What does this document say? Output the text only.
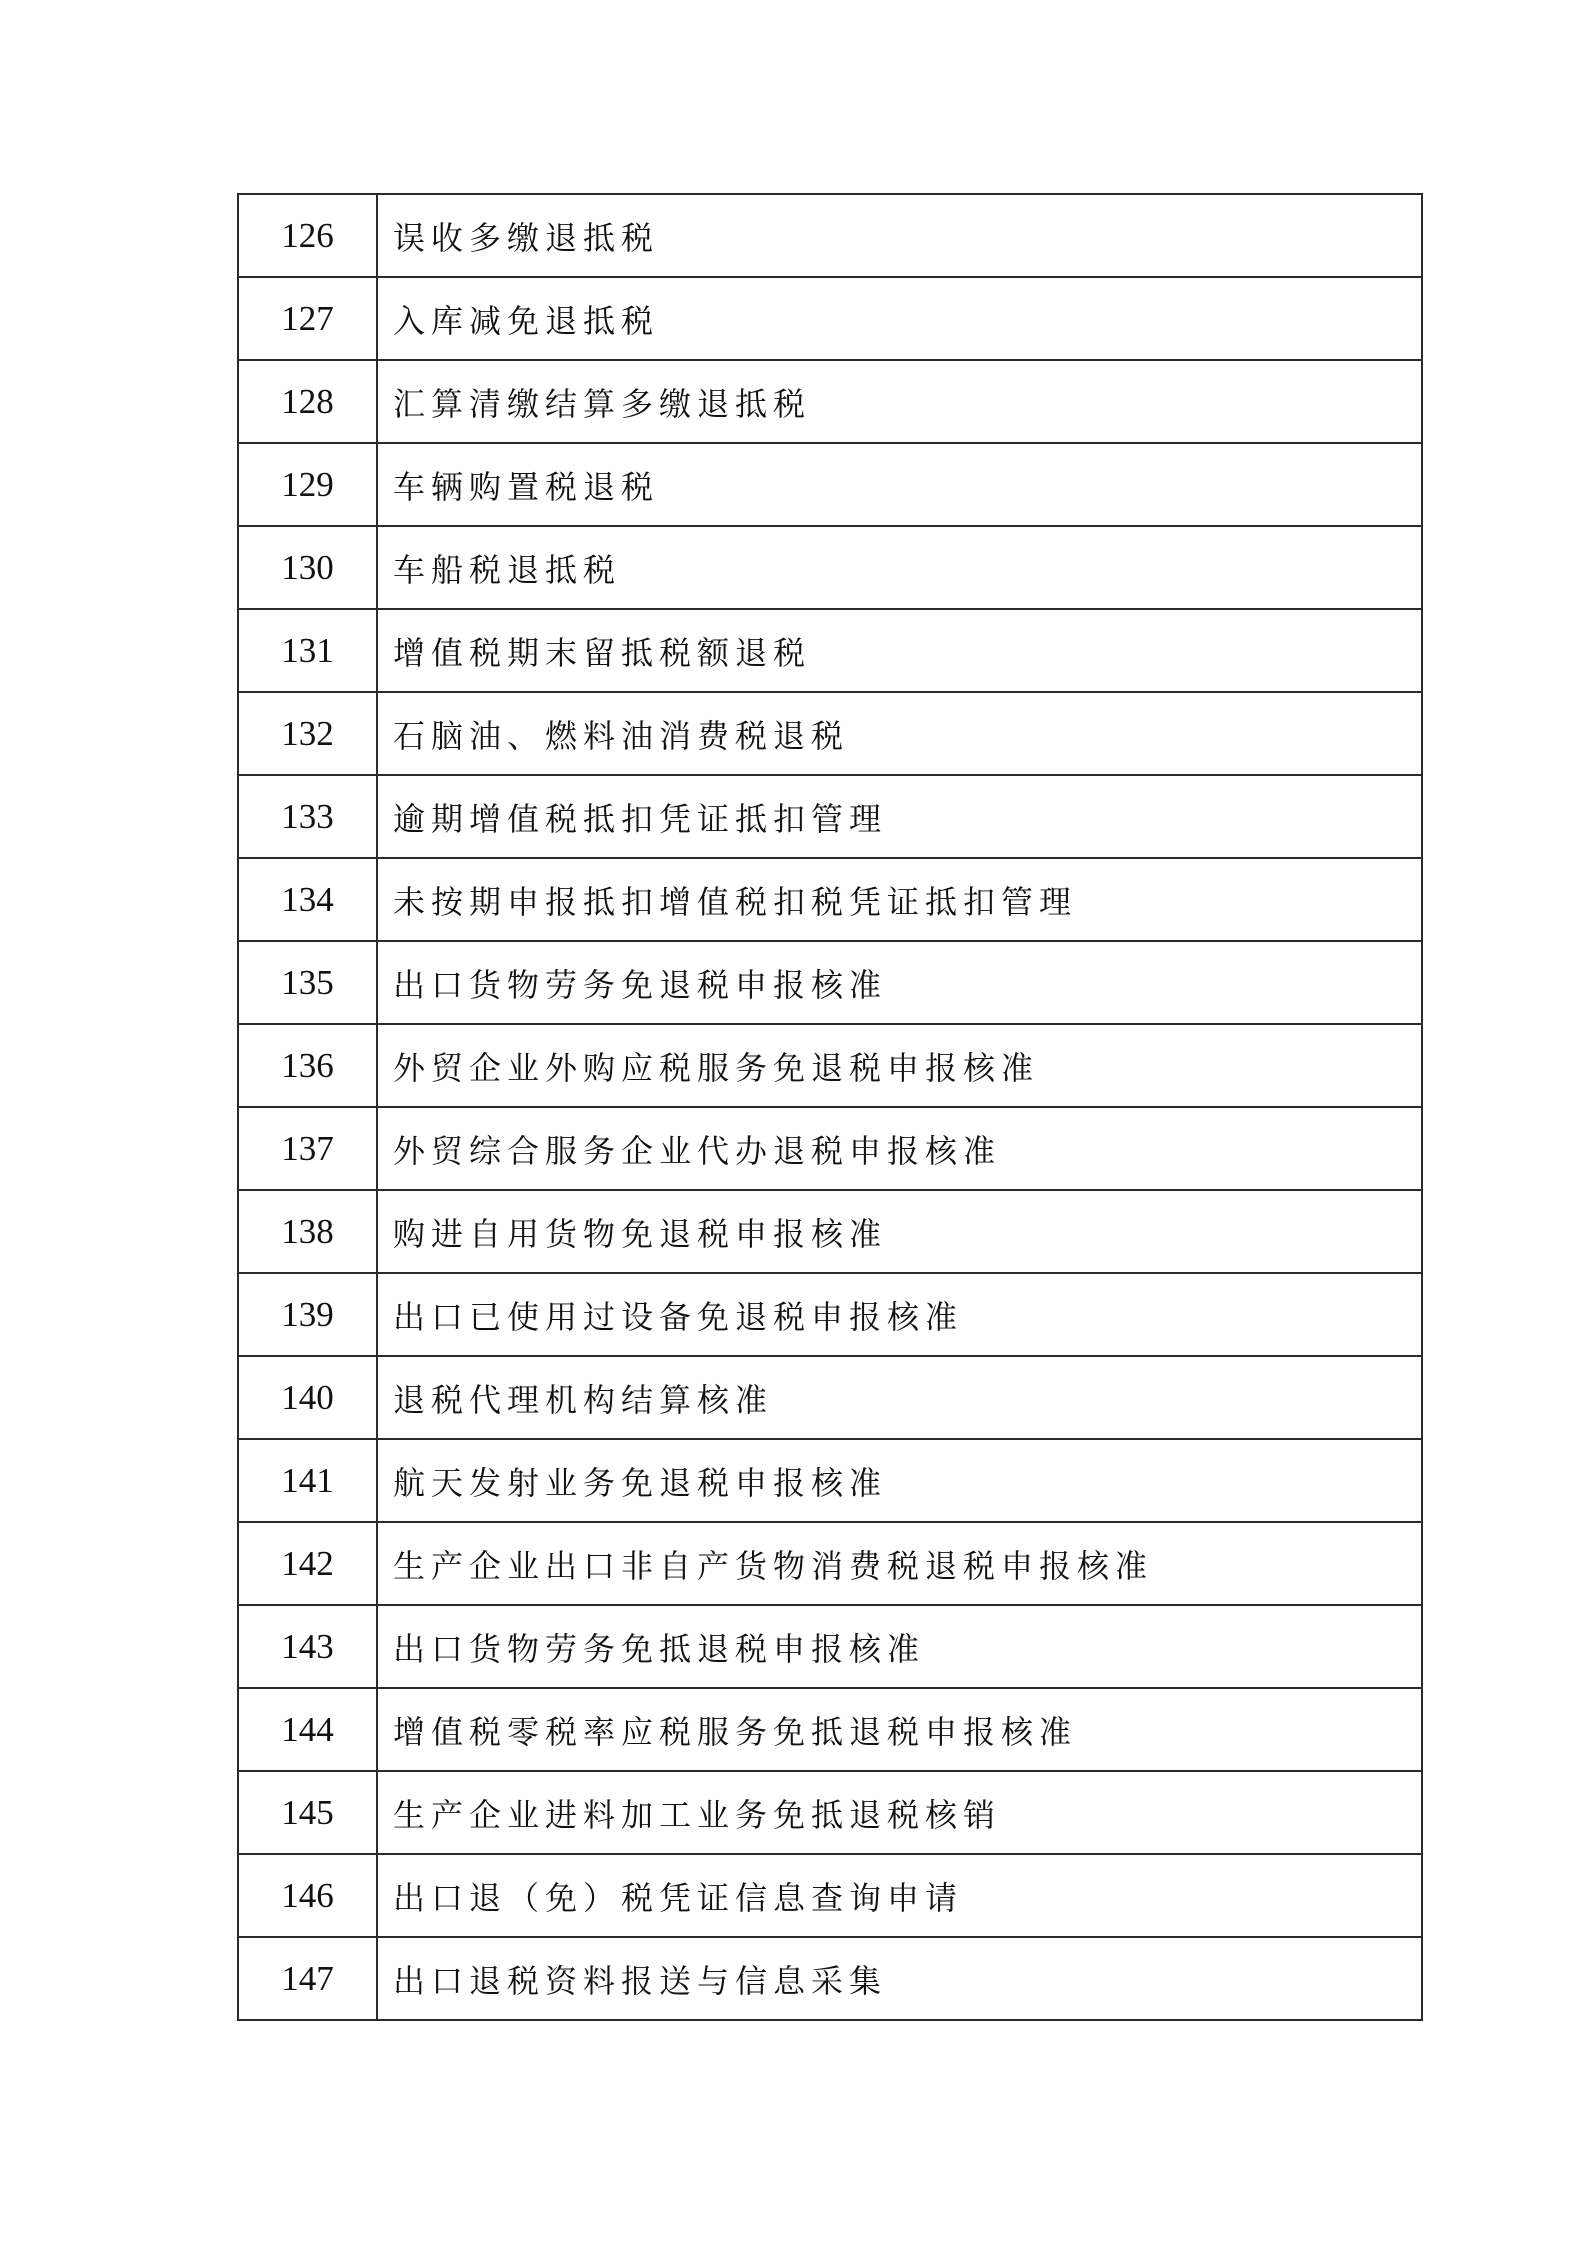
126	误收多缴退抵税
127	入库减免退抵税
128	汇算清缴结算多缴退抵税
129	车辆购置税退税
130	车船税退抵税
131	增值税期末留抵税额退税
132	石脑油、燃料油消费税退税
133	逾期增值税抵扣凭证抵扣管理
134	未按期申报抵扣增值税扣税凭证抵扣管理
135	出口货物劳务免退税申报核准
136	外贸企业外购应税服务免退税申报核准
137	外贸综合服务企业代办退税申报核准
138	购进自用货物免退税申报核准
139	出口已使用过设备免退税申报核准
140	退税代理机构结算核准
141	航天发射业务免退税申报核准
142	生产企业出口非自产货物消费税退税申报核准
143	出口货物劳务免抵退税申报核准
144	增值税零税率应税服务免抵退税申报核准
145	生产企业进料加工业务免抵退税核销
146	出口退（免）税凭证信息查询申请
147	出口退税资料报送与信息采集
